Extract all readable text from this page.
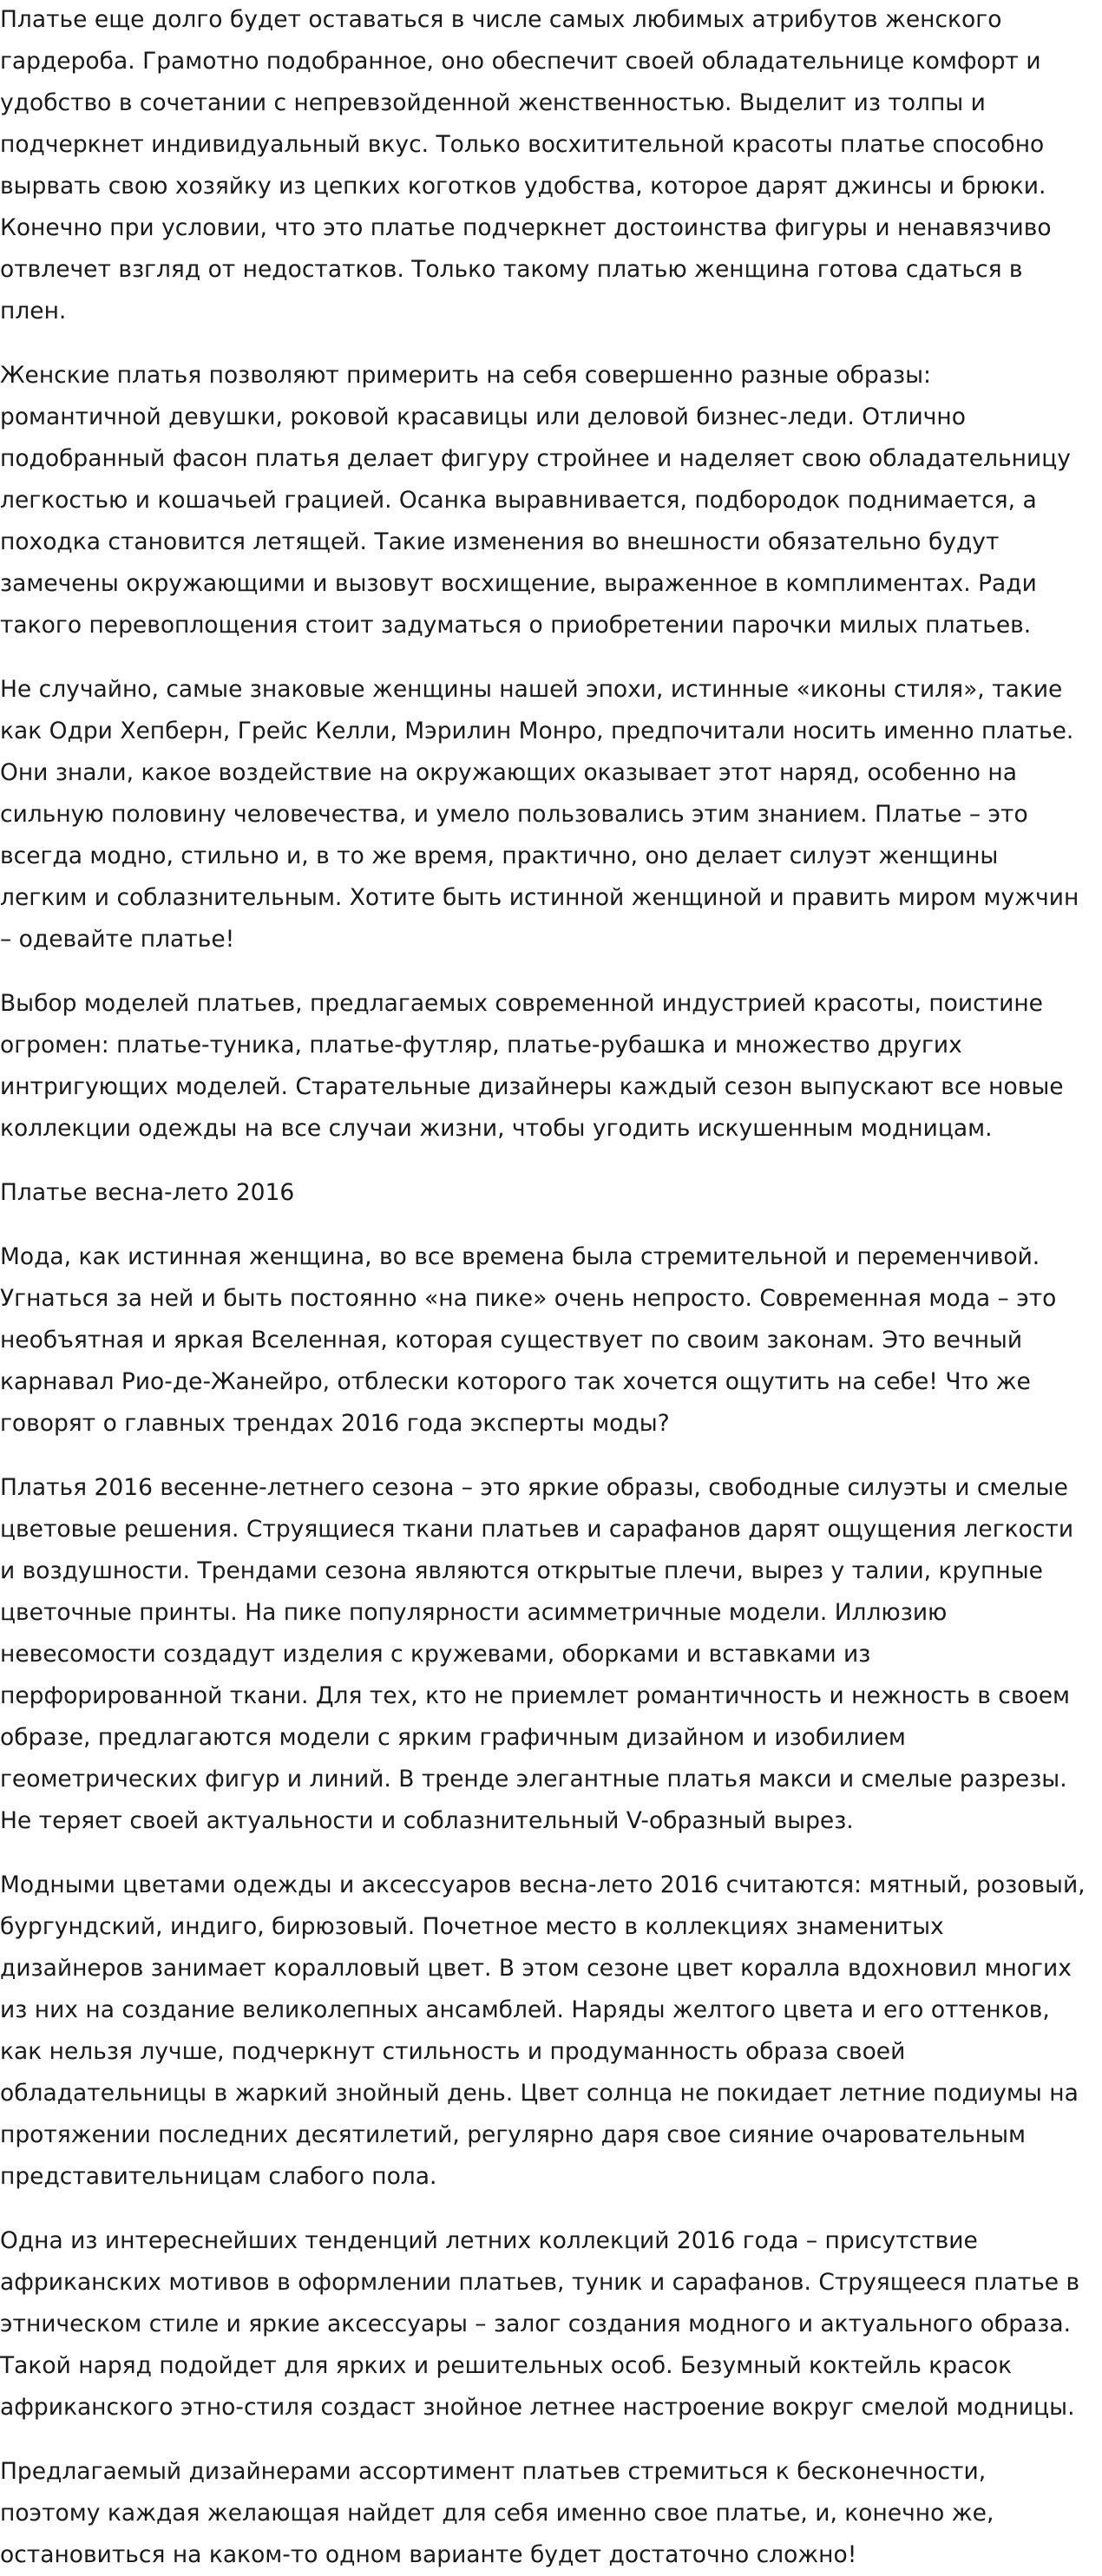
Платье еще долго будет оставаться в числе самых любимых атрибутов женского гардероба. Грамотно подобранное, оно обеспечит своей обладательнице комфорт и удобство в сочетании с непревзойденной женственностью. Выделит из толпы и подчеркнет индивидуальный вкус. Только восхитительной красоты платье способно вырвать свою хозяйку из цепких коготков удобства, которое дарят джинсы и брюки. Конечно при условии, что это платье подчеркнет достоинства фигуры и ненавязчиво отвлечет взгляд от недостатков. Только такому платью женщина готова сдаться в плен.

Женские платья позволяют примерить на себя совершенно разные образы: романтичной девушки, роковой красавицы или деловой бизнес-леди. Отлично подобранный фасон платья делает фигуру стройнее и наделяет свою обладательницу легкостью и кошачьей грацией. Осанка выравнивается, подбородок поднимается, а походка становится летящей. Такие изменения во внешности обязательно будут замечены окружающими и вызовут восхищение, выраженное в комплиментах. Ради такого перевоплощения стоит задуматься о приобретении парочки милых платьев.

Не случайно, самые знаковые женщины нашей эпохи, истинные «иконы стиля», такие как Одри Хепберн, Грейс Келли, Мэрилин Монро, предпочитали носить именно платье. Они знали, какое воздействие на окружающих оказывает этот наряд, особенно на сильную половину человечества, и умело пользовались этим знанием. Платье – это всегда модно, стильно и, в то же время, практично, оно делает силуэт женщины легким и соблазнительным. Хотите быть истинной женщиной и править миром мужчин – одевайте платье!

Выбор моделей платьев, предлагаемых современной индустрией красоты, поистине огромен: платье-туника, платье-футляр, платье-рубашка и множество других интригующих моделей. Старательные дизайнеры каждый сезон выпускают все новые коллекции одежды на все случаи жизни, чтобы угодить искушенным модницам.

Платье весна-лето 2016

Мода, как истинная женщина, во все времена была стремительной и переменчивой. Угнаться за ней и быть постоянно «на пике» очень непросто. Современная мода – это необъятная и яркая Вселенная, которая существует по своим законам. Это вечный карнавал Рио-де-Жанейро, отблески которого так хочется ощутить на себе! Что же говорят о главных трендах 2016 года эксперты моды?

Платья 2016 весенне-летнего сезона – это яркие образы, свободные силуэты и смелые цветовые решения. Струящиеся ткани платьев и сарафанов дарят ощущения легкости и воздушности. Трендами сезона являются открытые плечи, вырез у талии, крупные цветочные принты. На пике популярности асимметричные модели. Иллюзию невесомости создадут изделия с кружевами, оборками и вставками из перфорированной ткани. Для тех, кто не приемлет романтичность и нежность в своем образе, предлагаются модели с ярким графичным дизайном и изобилием геометрических фигур и линий. В тренде элегантные платья макси и смелые разрезы. Не теряет своей актуальности и соблазнительный V-образный вырез.

Модными цветами одежды и аксессуаров весна-лето 2016 считаются: мятный, розовый, бургундский, индиго, бирюзовый. Почетное место в коллекциях знаменитых дизайнеров занимает коралловый цвет. В этом сезоне цвет коралла вдохновил многих из них на создание великолепных ансамблей. Наряды желтого цвета и его оттенков, как нельзя лучше, подчеркнут стильность и продуманность образа своей обладательницы в жаркий знойный день. Цвет солнца не покидает летние подиумы на протяжении последних десятилетий, регулярно даря свое сияние очаровательным представительницам слабого пола.

Одна из интереснейших тенденций летних коллекций 2016 года – присутствие африканских мотивов в оформлении платьев, туник и сарафанов. Струящееся платье в этническом стиле и яркие аксессуары – залог создания модного и актуального образа. Такой наряд подойдет для ярких и решительных особ. Безумный коктейль красок африканского этно-стиля создаст знойное летнее настроение вокруг смелой модницы.

Предлагаемый дизайнерами ассортимент платьев стремиться к бесконечности, поэтому каждая желающая найдет для себя именно свое платье, и, конечно же, остановиться на каком-то одном варианте будет достаточно сложно!
